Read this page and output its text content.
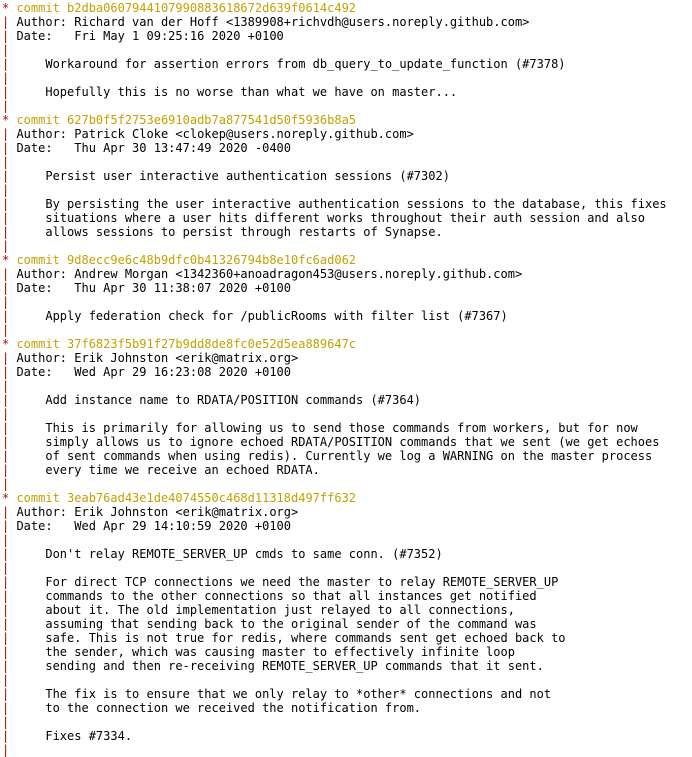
* commit b2dba0607944107990883618672d639f0614c492
| Author: Richard van der Hoff <1389908+richvdh@users.noreply.github.com>
| Date:   Fri May 1 09:25:16 2020 +0100
|
| Workaround for assertion errors from db_query_to_update_function (#7378)
|
| Hopefully this is no worse than what we have on master...
|
* commit 627b0f5f2753e6910adb7a877541d50f5936b8a5
| Author: Patrick Cloke <clokep@users.noreply.github.com>
| Date:   Thu Apr 30 13:47:49 2020 -0400
|
| Persist user interactive authentication sessions (#7302)
|
| By persisting the user interactive authentication sessions to the database, this fixes
| situations where a user hits different works throughout their auth session and also
| allows sessions to persist through restarts of Synapse.
|
* commit 9d8ecc9e6c48b9dfc0b41326794b8e10fc6ad062
| Author: Andrew Morgan <1342360+anoadragon453@users.noreply.github.com>
| Date:   Thu Apr 30 11:38:07 2020 +0100
|
| Apply federation check for /publicRooms with filter list (#7367)
|
* commit 37f6823f5b91f27b9dd8de8fc0e52d5ea889647c
| Author: Erik Johnston <erik@matrix.org>
| Date:   Wed Apr 29 16:23:08 2020 +0100
|
| Add instance name to RDATA/POSITION commands (#7364)
|
| This is primarily for allowing us to send those commands from workers, but for now
| simply allows us to ignore echoed RDATA/POSITION commands that we sent (we get echoes
| of sent commands when using redis). Currently we log a WARNING on the master process
| every time we receive an echoed RDATA.
|
* commit 3eab76ad43e1de4074550c468d11318d497ff632
| Author: Erik Johnston <erik@matrix.org>
| Date:   Wed Apr 29 14:10:59 2020 +0100
|
| Don't relay REMOTE_SERVER_UP cmds to same conn. (#7352)
|
| For direct TCP connections we need the master to relay REMOTE_SERVER_UP
| commands to the other connections so that all instances get notified
| about it. The old implementation just relayed to all connections,
| assuming that sending back to the original sender of the command was
| safe. This is not true for redis, where commands sent get echoed back to
| the sender, which was causing master to effectively infinite loop
| sending and then re-receiving REMOTE_SERVER_UP commands that it sent.
|
| The fix is to ensure that we only relay to *other* connections and not
| to the connection we received the notification from.
|
| Fixes #7334.
|
